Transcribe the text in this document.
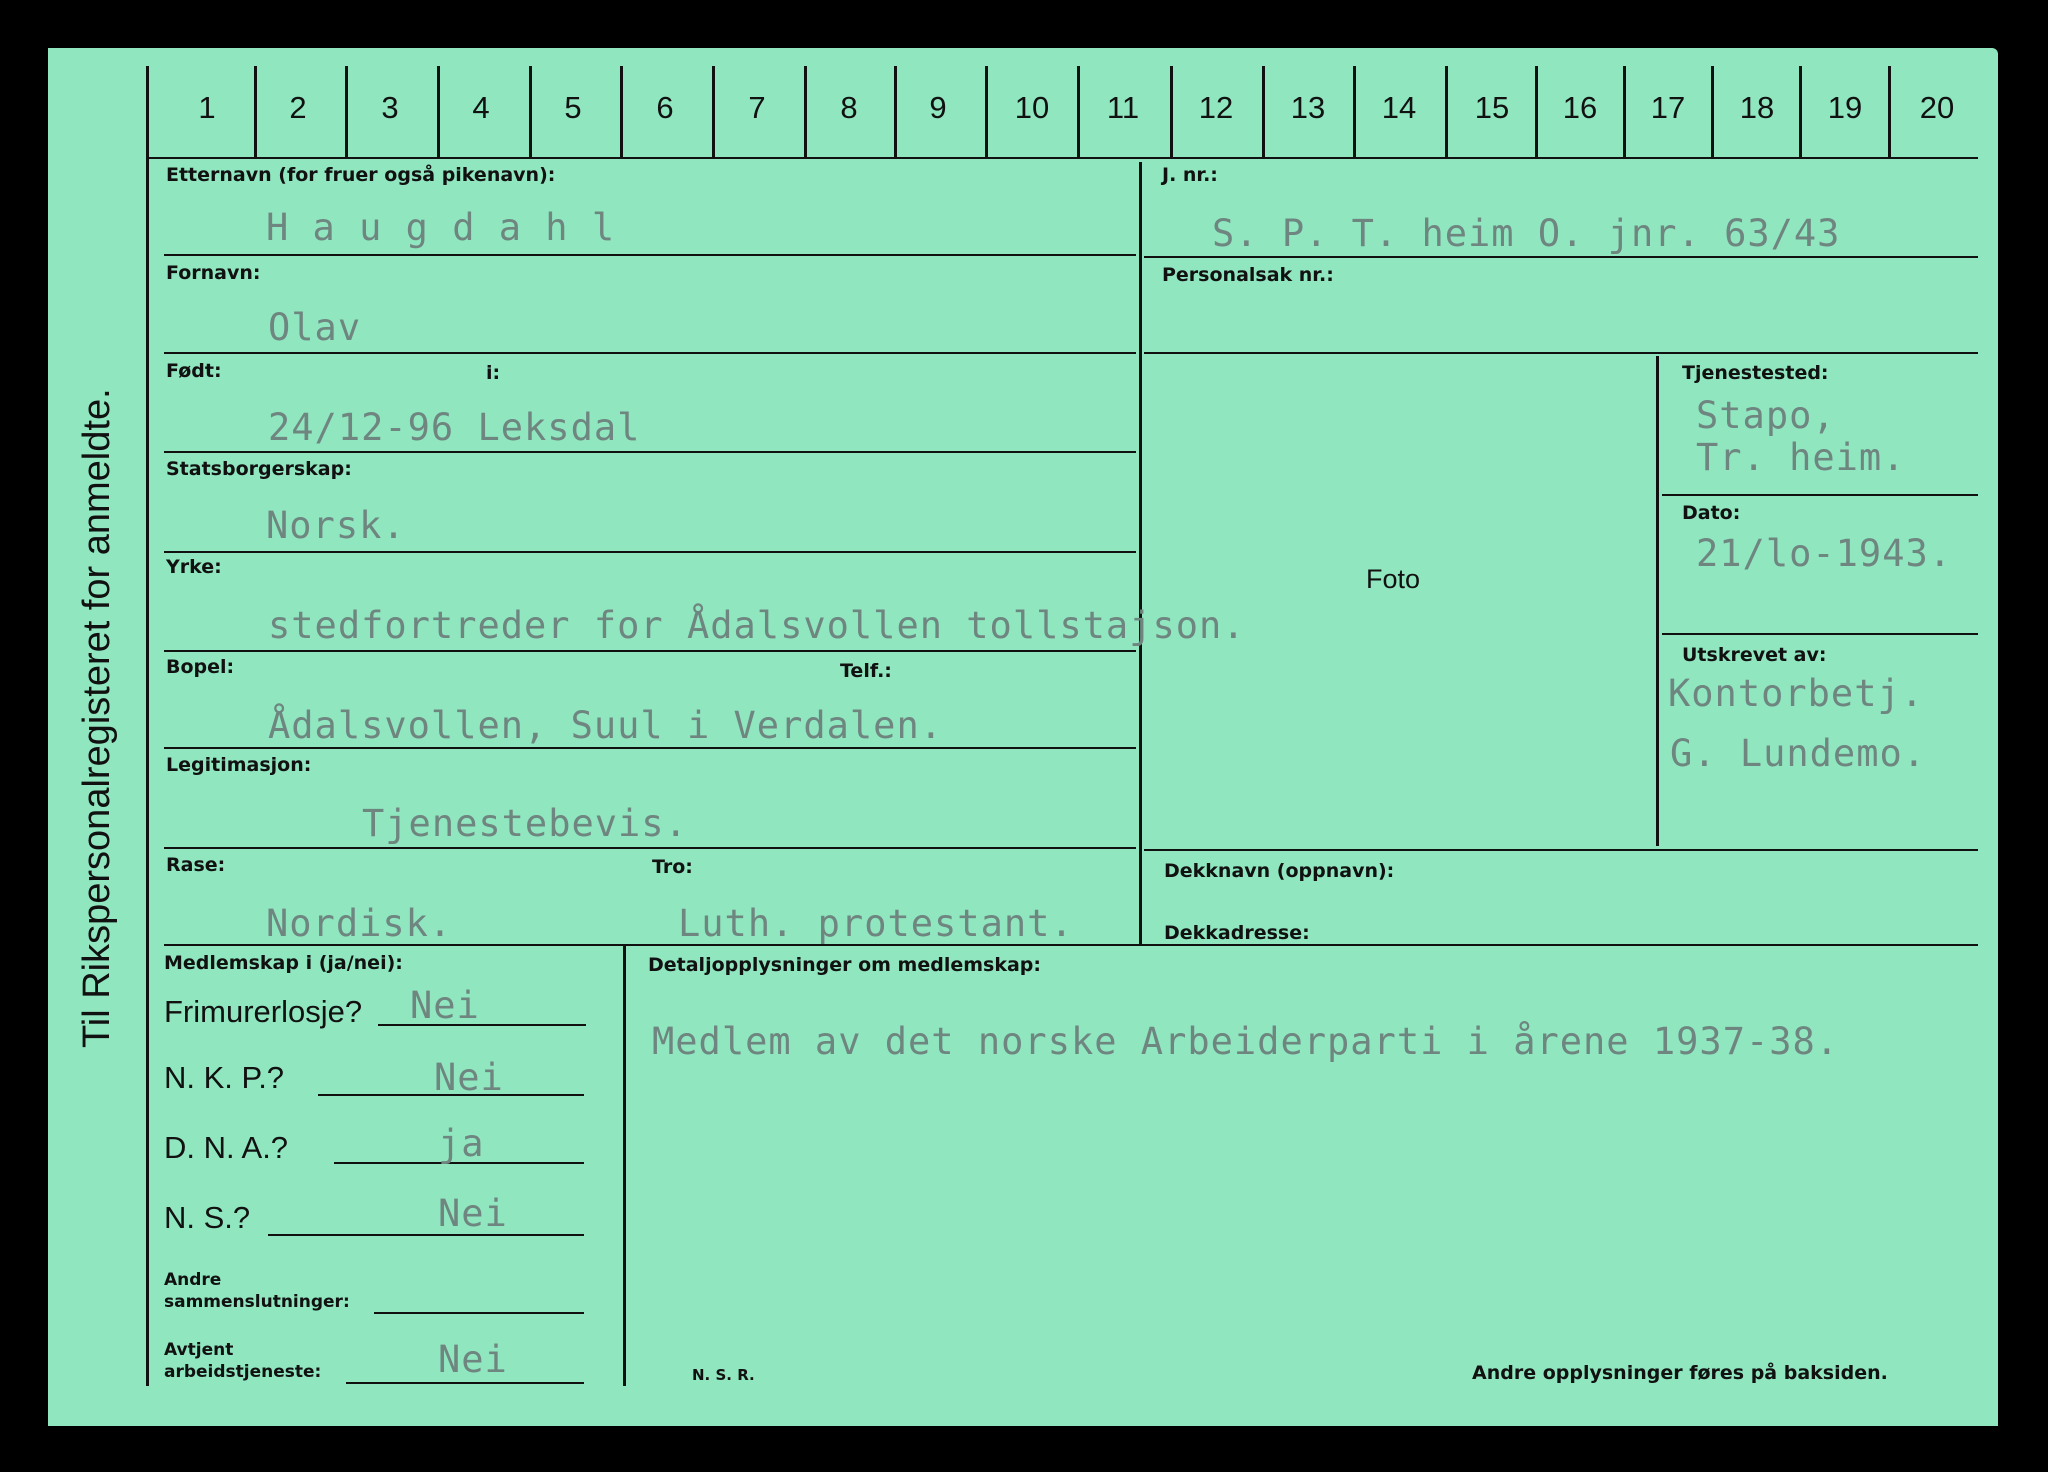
Til Rikspersonalregisteret for anmeldte.
1	2	3	4	5	6	7	8	9	10	11	12	13	14	15	16	17	18	19	20
Etternavn (for fruer også pikenavn):
H a u g d a h l
J. nr.:
S. P. T. heim O. jnr. 63/43
Fornavn:
Olav
Personalsak nr.:
Født:	i:
24/12-96 Leksdal
Tjenestested:
Stapo,
Tr. heim.
Statsborgerskap:
Norsk.
Foto
Dato:
21/lo-1943.
Yrke:
stedfortreder for Ådalsvollen tollstajson.
Bopel:	Telf.:
Ådalsvollen, Suul i Verdalen.
Utskrevet av:
Kontorbetj.
G. Lundemo.
Legitimasjon:
Tjenestebevis.
Rase:	Tro:
Nordisk.	Luth. protestant.
Dekknavn (oppnavn):
Dekkadresse:
Medlemskap i (ja/nei):
Frimurerlosje? Nei
N. K. P.?	Nei
D. N. A.?	ja
N. S.?	Nei
Andre
sammenslutninger:
Avtjent
arbeidstjeneste:	Nei
Detaljopplysninger om medlemskap:
Medlem av det norske Arbeiderparti i årene 1937-38.
N. S. R.	Andre opplysninger føres på baksiden.
